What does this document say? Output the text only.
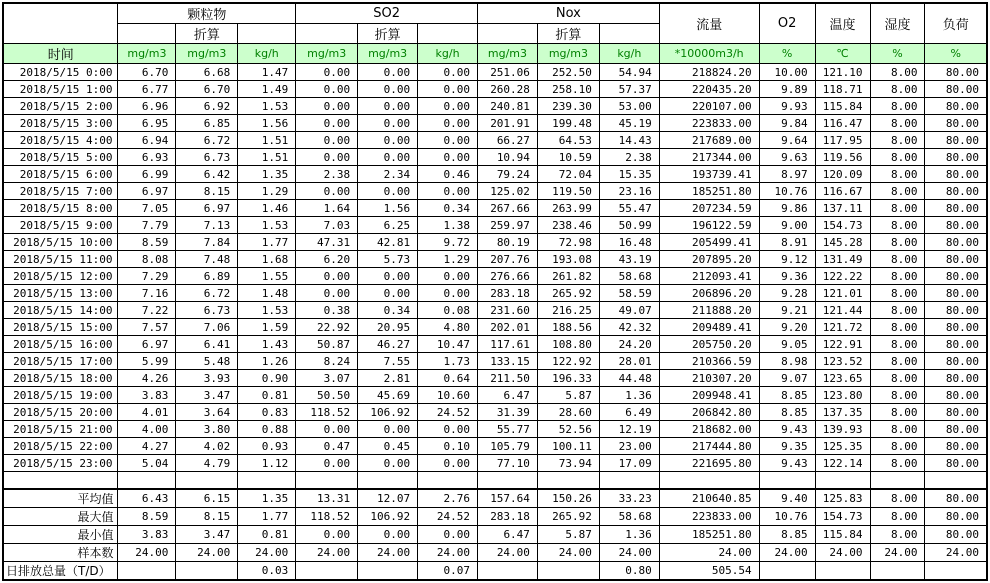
	颗粒物			SO2			Nox			流量	O2	温度	湿度	负荷
		折算			折算			折算						
时间	mg/m3	mg/m3	kg/h	mg/m3	mg/m3	kg/h	mg/m3	mg/m3	kg/h	*10000m3/h	%	℃	%	%
2018/5/15 0:00	6.70	6.68	1.47	0.00	0.00	0.00	251.06	252.50	54.94	218824.20	10.00	121.10	8.00	80.00
2018/5/15 1:00	6.77	6.70	1.49	0.00	0.00	0.00	260.28	258.10	57.37	220435.20	9.89	118.71	8.00	80.00
2018/5/15 2:00	6.96	6.92	1.53	0.00	0.00	0.00	240.81	239.30	53.00	220107.00	9.93	115.84	8.00	80.00
2018/5/15 3:00	6.95	6.85	1.56	0.00	0.00	0.00	201.91	199.48	45.19	223833.00	9.84	116.47	8.00	80.00
2018/5/15 4:00	6.94	6.72	1.51	0.00	0.00	0.00	66.27	64.53	14.43	217689.00	9.64	117.95	8.00	80.00
2018/5/15 5:00	6.93	6.73	1.51	0.00	0.00	0.00	10.94	10.59	2.38	217344.00	9.63	119.56	8.00	80.00
2018/5/15 6:00	6.99	6.42	1.35	2.38	2.34	0.46	79.24	72.04	15.35	193739.41	8.97	120.09	8.00	80.00
2018/5/15 7:00	6.97	8.15	1.29	0.00	0.00	0.00	125.02	119.50	23.16	185251.80	10.76	116.67	8.00	80.00
2018/5/15 8:00	7.05	6.97	1.46	1.64	1.56	0.34	267.66	263.99	55.47	207234.59	9.86	137.11	8.00	80.00
2018/5/15 9:00	7.79	7.13	1.53	7.03	6.25	1.38	259.97	238.46	50.99	196122.59	9.00	154.73	8.00	80.00
2018/5/15 10:00	8.59	7.84	1.77	47.31	42.81	9.72	80.19	72.98	16.48	205499.41	8.91	145.28	8.00	80.00
2018/5/15 11:00	8.08	7.48	1.68	6.20	5.73	1.29	207.76	193.08	43.19	207895.20	9.12	131.49	8.00	80.00
2018/5/15 12:00	7.29	6.89	1.55	0.00	0.00	0.00	276.66	261.82	58.68	212093.41	9.36	122.22	8.00	80.00
2018/5/15 13:00	7.16	6.72	1.48	0.00	0.00	0.00	283.18	265.92	58.59	206896.20	9.28	121.01	8.00	80.00
2018/5/15 14:00	7.22	6.73	1.53	0.38	0.34	0.08	231.60	216.25	49.07	211888.20	9.21	121.44	8.00	80.00
2018/5/15 15:00	7.57	7.06	1.59	22.92	20.95	4.80	202.01	188.56	42.32	209489.41	9.20	121.72	8.00	80.00
2018/5/15 16:00	6.97	6.41	1.43	50.87	46.27	10.47	117.61	108.80	24.20	205750.20	9.05	122.91	8.00	80.00
2018/5/15 17:00	5.99	5.48	1.26	8.24	7.55	1.73	133.15	122.92	28.01	210366.59	8.98	123.52	8.00	80.00
2018/5/15 18:00	4.26	3.93	0.90	3.07	2.81	0.64	211.50	196.33	44.48	210307.20	9.07	123.65	8.00	80.00
2018/5/15 19:00	3.83	3.47	0.81	50.50	45.69	10.60	6.47	5.87	1.36	209948.41	8.85	123.80	8.00	80.00
2018/5/15 20:00	4.01	3.64	0.83	118.52	106.92	24.52	31.39	28.60	6.49	206842.80	8.85	137.35	8.00	80.00
2018/5/15 21:00	4.00	3.80	0.88	0.00	0.00	0.00	55.77	52.56	12.19	218682.00	9.43	139.93	8.00	80.00
2018/5/15 22:00	4.27	4.02	0.93	0.47	0.45	0.10	105.79	100.11	23.00	217444.80	9.35	125.35	8.00	80.00
2018/5/15 23:00	5.04	4.79	1.12	0.00	0.00	0.00	77.10	73.94	17.09	221695.80	9.43	122.14	8.00	80.00

平均值	6.43	6.15	1.35	13.31	12.07	2.76	157.64	150.26	33.23	210640.85	9.40	125.83	8.00	80.00
最大值	8.59	8.15	1.77	118.52	106.92	24.52	283.18	265.92	58.68	223833.00	10.76	154.73	8.00	80.00
最小值	3.83	3.47	0.81	0.00	0.00	0.00	6.47	5.87	1.36	185251.80	8.85	115.84	8.00	80.00
样本数	24.00	24.00	24.00	24.00	24.00	24.00	24.00	24.00	24.00	24.00	24.00	24.00	24.00	24.00
日排放总量（T/D）			0.03			0.07			0.80	505.54				
